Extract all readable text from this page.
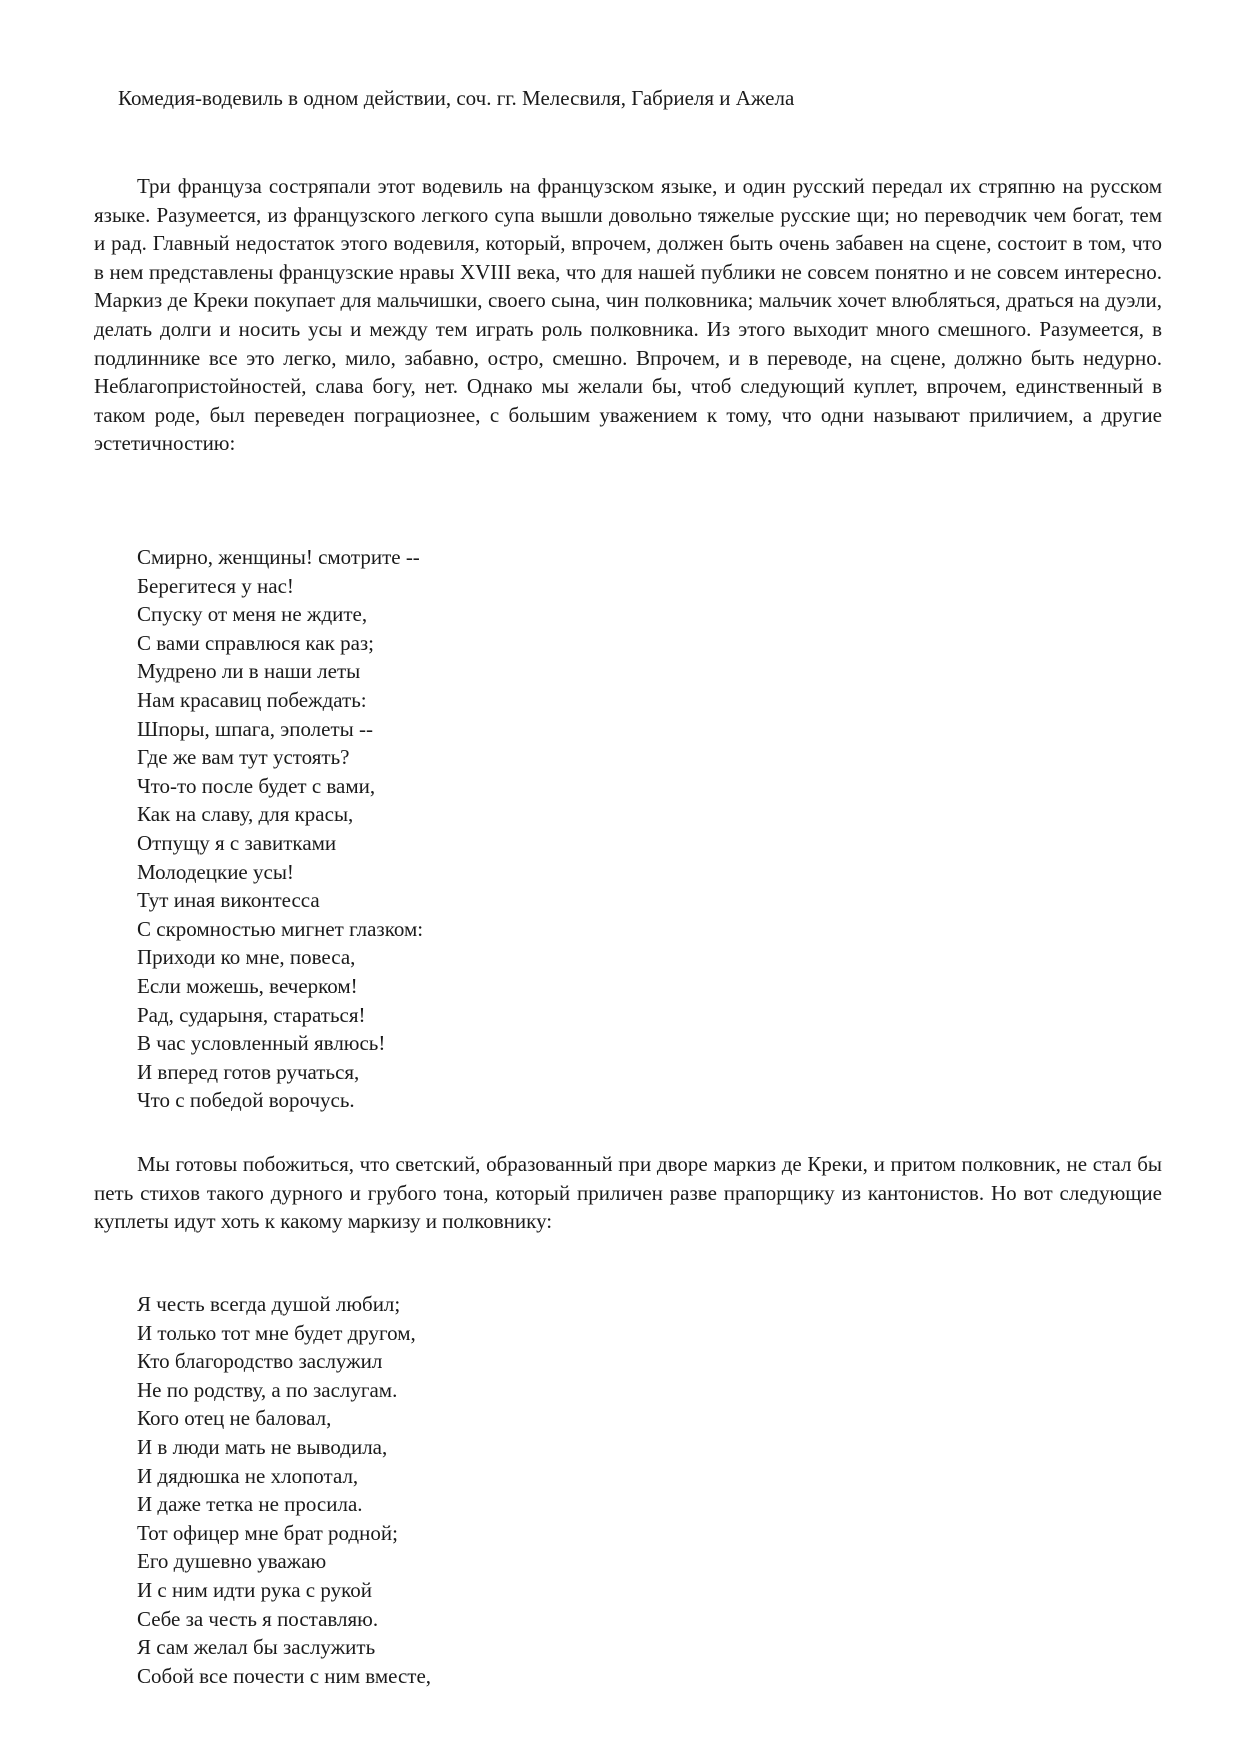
Комедия-водевиль в одном действии, соч. гг. Мелесвиля, Габриеля и Ажела

Три француза состряпали этот водевиль на французском языке, и один русский передал их стряпню на русском языке. Разумеется, из французского легкого супа вышли довольно тяжелые русские щи; но переводчик чем богат, тем и рад. Главный недостаток этого водевиля, который, впрочем, должен быть очень забавен на сцене, состоит в том, что в нем представлены французские нравы XVIII века, что для нашей публики не совсем понятно и не совсем интересно. Маркиз де Креки покупает для мальчишки, своего сына, чин полковника; мальчик хочет влюбляться, драться на дуэли, делать долги и носить усы и между тем играть роль полковника. Из этого выходит много смешного. Разумеется, в подлиннике все это легко, мило, забавно, остро, смешно. Впрочем, и в переводе, на сцене, должно быть недурно. Неблагопристойностей, слава богу, нет. Однако мы желали бы, чтоб следующий куплет, впрочем, единственный в таком роде, был переведен пограциознее, с большим уважением к тому, что одни называют приличием, а другие эстетичностию:

Смирно, женщины! смотрите --
Берегитеся у нас!
Спуску от меня не ждите,
С вами справлюся как раз;
Мудрено ли в наши леты
Нам красавиц побеждать:
Шпоры, шпага, эполеты --
Где же вам тут устоять?
Что-то после будет с вами,
Как на славу, для красы,
Отпущу я с завитками
Молодецкие усы!
Тут иная виконтесса
С скромностью мигнет глазком:
Приходи ко мне, повеса,
Если можешь, вечерком!
Рад, сударыня, стараться!
В час условленный явлюсь!
И вперед готов ручаться,
Что с победой ворочусь.

Мы готовы побожиться, что светский, образованный при дворе маркиз де Креки, и притом полковник, не стал бы петь стихов такого дурного и грубого тона, который приличен разве прапорщику из кантонистов. Но вот следующие куплеты идут хоть к какому маркизу и полковнику:

Я честь всегда душой любил;
И только тот мне будет другом,
Кто благородство заслужил
Не по родству, а по заслугам.
Кого отец не баловал,
И в люди мать не выводила,
И дядюшка не хлопотал,
И даже тетка не просила.
Тот офицер мне брат родной;
Его душевно уважаю
И с ним идти рука с рукой
Себе за честь я поставляю.
Я сам желал бы заслужить
Собой все почести с ним вместе,
